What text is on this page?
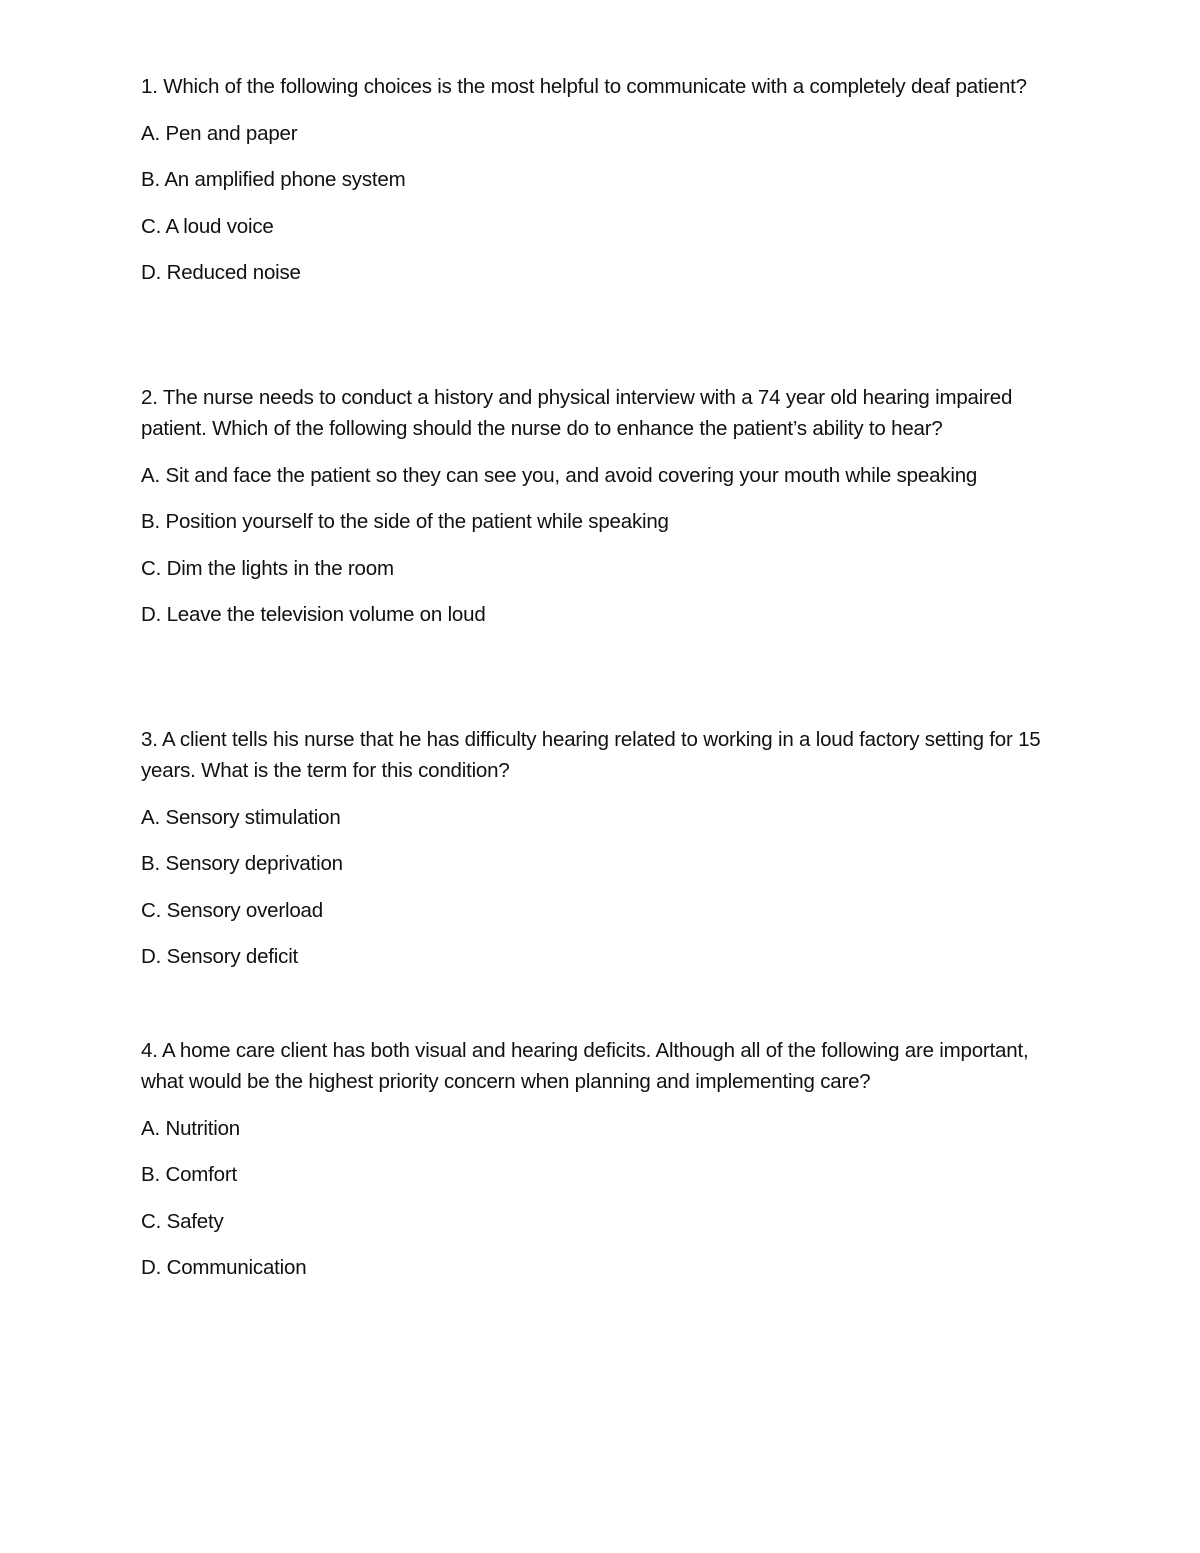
1. Which of the following choices is the most helpful to communicate with a completely deaf patient?

A. Pen and paper
B. An amplified phone system
C. A loud voice
D. Reduced noise

2. The nurse needs to conduct a history and physical interview with a 74 year old hearing impaired patient. Which of the following should the nurse do to enhance the patient’s ability to hear?

A. Sit and face the patient so they can see you, and avoid covering your mouth while speaking
B. Position yourself to the side of the patient while speaking
C. Dim the lights in the room
D. Leave the television volume on loud

3. A client tells his nurse that he has difficulty hearing related to working in a loud factory setting for 15 years. What is the term for this condition?

A. Sensory stimulation
B. Sensory deprivation
C. Sensory overload
D. Sensory deficit

4. A home care client has both visual and hearing deficits. Although all of the following are important, what would be the highest priority concern when planning and implementing care?

A. Nutrition
B. Comfort
C. Safety
D. Communication
